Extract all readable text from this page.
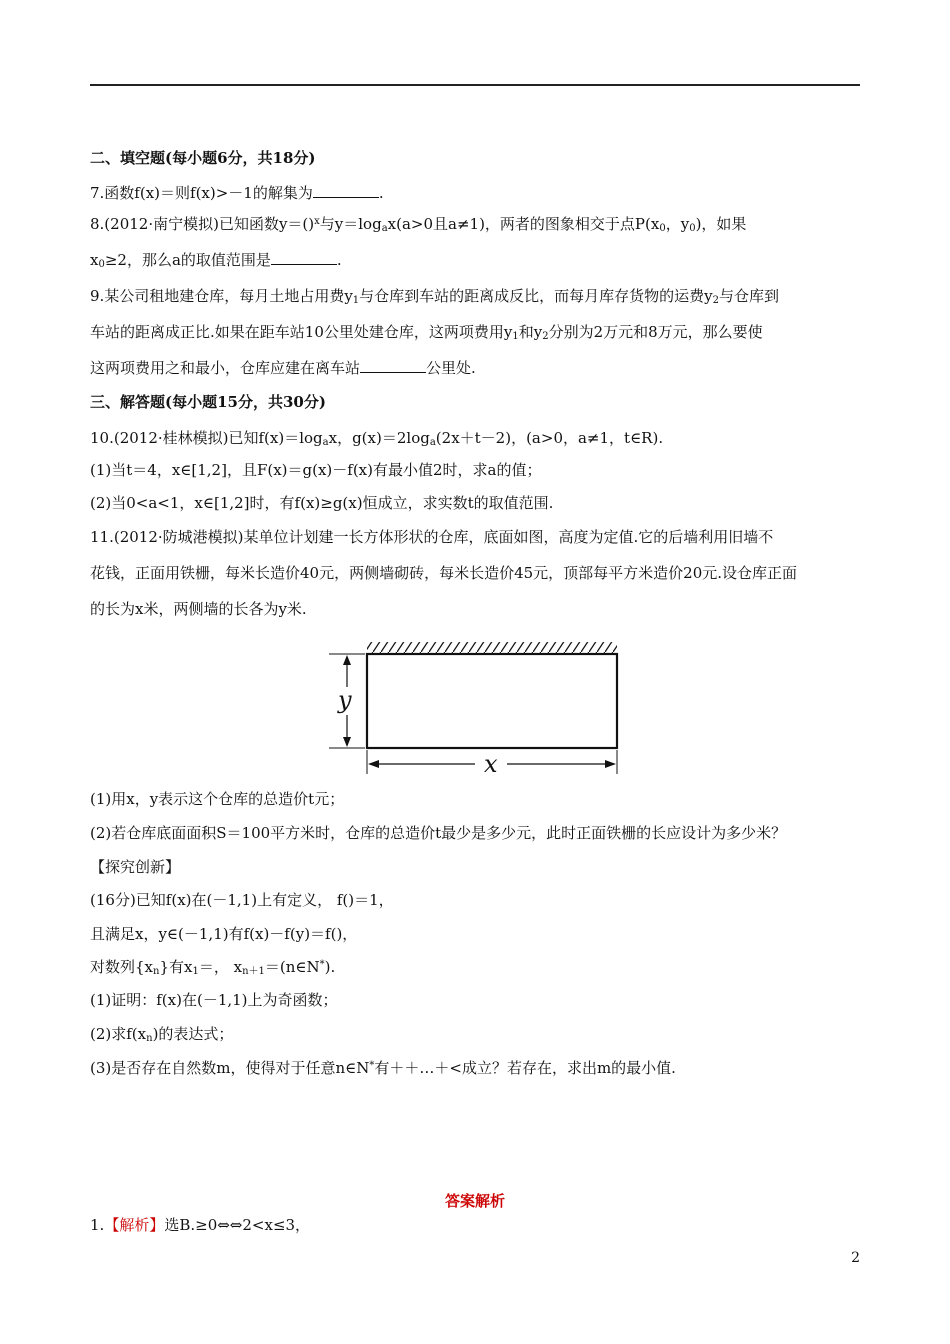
二、填空题(每小题6分，共18分)
7.函数f(x)＝则f(x)>－1的解集为	.
8.(2012·南宁模拟)已知函数y＝()$^x$与$y=\log_ax(a>0$且a≠1)，两者的图象相交于点$P(x_0$，$y_0$)，如果
$x_0\ge 2$，那么a的取值范围是	.
9.某公司租地建仓库，每月土地占用费$y_1$与仓库到车站的距离成反比，而每月库存货物的运费$y_2$与仓库到
车站的距离成正比.如果在距车站10公里处建仓库，这两项费用$y_1$和$y_2$分别为2万元和8万元，那么要使
这两项费用之和最小，仓库应建在离车站	公里处.
三、解答题(每小题15分，共30分)
10.(2012·桂林模拟)已知$f(x)=\log_ax$，$g(x)=2\log_a(2x+t-2)$，(a>0，a≠1，t∈R).
(1)当t＝4，x∈[1,2]，且F(x)＝g(x)－f(x)有最小值2时，求a的值；
(2)当0<a<1，x∈[1,2]时，有f(x)≥g(x)恒成立，求实数t的取值范围.
11.(2012·防城港模拟)某单位计划建一长方体形状的仓库，底面如图，高度为定值.它的后墙利用旧墙不
花钱，正面用铁栅，每米长造价40元，两侧墙砌砖，每米长造价45元，顶部每平方米造价20元.设仓库正面
的长为x米，两侧墙的长各为y米.
y
x
(1)用x，y表示这个仓库的总造价t元；
(2)若仓库底面面积S＝100平方米时，仓库的总造价t最少是多少元，此时正面铁栅的长应设计为多少米？
【探究创新】
(16分)已知f(x)在(－1,1)上有定义， f()＝1，
且满足x，y∈(－1,1)有f(x)－f(y)＝f()，
对数列$\{x_n\}$有$x_1=$， $x_{n+1}=(n\in N^*)$.
(1)证明：f(x)在(－1,1)上为奇函数；
(2)求$f(x_n)$的表达式；
(3)是否存在自然数m，使得对于任意n∈N*有＋＋…＋<成立？若存在，求出m的最小值.
答案解析
1.【解析】选B.≥0⇔⇔2<x≤3，
2
